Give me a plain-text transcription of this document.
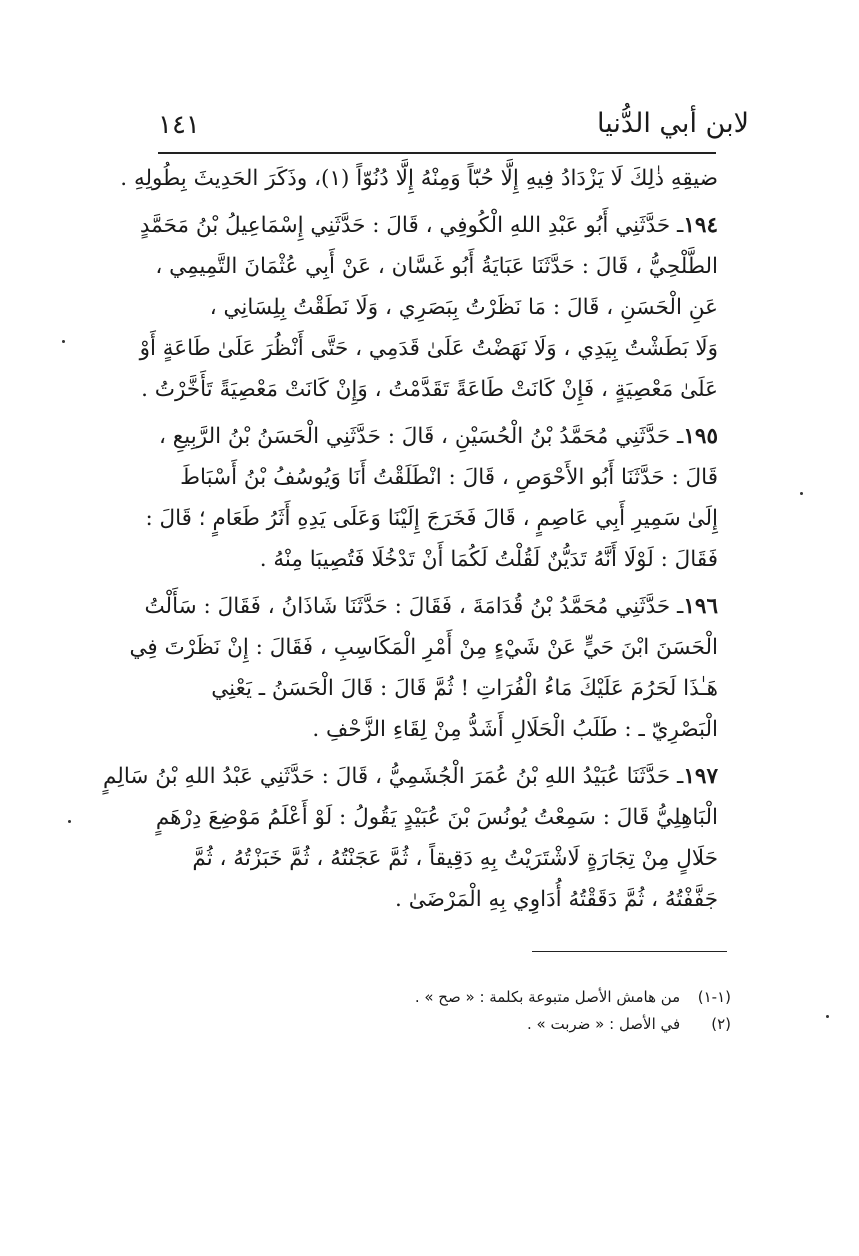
لابن أبي الدُّنيا
١٤١

ضيقِهِ ذٰلِكَ لَا يَزْدَادُ فِيهِ إِلَّا حُبّاً وَمِنْهُ إِلَّا دُنُوّاً (١)، وذَكَرَ الحَدِيثَ بِطُولِهِ .

١٩٤ـ حَدَّثَنِي أَبُو عَبْدِ اللهِ الْكُوفِي ، قَالَ : حَدَّثَنِي إِسْمَاعِيلُ بْنُ مَحَمَّدٍ
الطَّلْحِيُّ ، قَالَ : حَدَّثَنَا عَبَايَةُ أَبُو غَسَّان ، عَنْ أَبِي عُثْمَانَ التَّمِيمِي ،
عَنِ الْحَسَنِ ، قَالَ : مَا نَظَرْتُ بِبَصَرِي ، وَلَا نَطَقْتُ بِلِسَانِي ،
وَلَا بَطَشْتُ بِيَدِي ، وَلَا نَهَضْتُ عَلَىٰ قَدَمِي ، حَتَّى أَنْظُرَ عَلَىٰ طَاعَةٍ أَوْ
عَلَىٰ مَعْصِيَةٍ ، فَإِنْ كَانَتْ طَاعَةً تَقَدَّمْتُ ، وَإِنْ كَانَتْ مَعْصِيَةً تَأَخَّرْتُ .

١٩٥ـ حَدَّثَنِي مُحَمَّدُ بْنُ الْحُسَيْنِ ، قَالَ : حَدَّثَنِي الْحَسَنُ بْنُ الرَّبِيعِ ،
قَالَ : حَدَّثَنَا أَبُو الأَحْوَصِ ، قَالَ : انْطَلَقْتُ أَنَا وَيُوسُفُ بْنُ أَسْبَاطَ
إِلَىٰ سَمِيرِ أَبِي عَاصِمٍ ، قَالَ فَخَرَجَ إِلَيْنَا وَعَلَى يَدِهِ أَثَرُ طَعَامٍ ؛ قَالَ :
فَقَالَ : لَوْلَا أَنَّهُ تَدَيُّنٌ لَقُلْتُ لَكُمَا أَنْ تَدْخُلَا فَتُصِيبَا مِنْهُ .

١٩٦ـ حَدَّثَنِي مُحَمَّدُ بْنُ قُدَامَةَ ، فَقَالَ : حَدَّثَنَا شَاذَانُ ، فَقَالَ : سَأَلْتُ
الْحَسَنَ ابْنَ حَيٍّ عَنْ شَيْءٍ مِنْ أَمْرِ الْمَكَاسِبِ ، فَقَالَ : إِنْ نَظَرْتَ فِي
هَـٰذَا لَحَرُمَ عَلَيْكَ مَاءُ الْفُرَاتِ ! ثُمَّ قَالَ : قَالَ الْحَسَنُ ـ يَعْنِي
الْبَصْرِيّ ـ : طَلَبُ الْحَلَالِ أَشَدُّ مِنْ لِقَاءِ الزَّحْفِ .

١٩٧ـ حَدَّثَنَا عُبَيْدُ اللهِ بْنُ عُمَرَ الْجُشَمِيُّ ، قَالَ : حَدَّثَنِي عَبْدُ اللهِ بْنُ سَالِمٍ
الْبَاهِلِيُّ قَالَ : سَمِعْتُ يُونُسَ بْنَ عُبَيْدٍ يَقُولُ : لَوْ أَعْلَمُ مَوْضِعَ دِرْهَمٍ
حَلَالٍ مِنْ تِجَارَةٍ لَاشْتَرَيْتُ بِهِ دَقِيقاً ، ثُمَّ عَجَنْتُهُ ، ثُمَّ خَبَزْتُهُ ، ثُمَّ
جَفَّفْتُهُ ، ثُمَّ دَقَقْتُهُ أُدَاوِي بِهِ الْمَرْضَىٰ .

(١-١) من هامش الأصل متبوعة بكلمة : « صح » .
(٢) في الأصل : « ضربت » .
